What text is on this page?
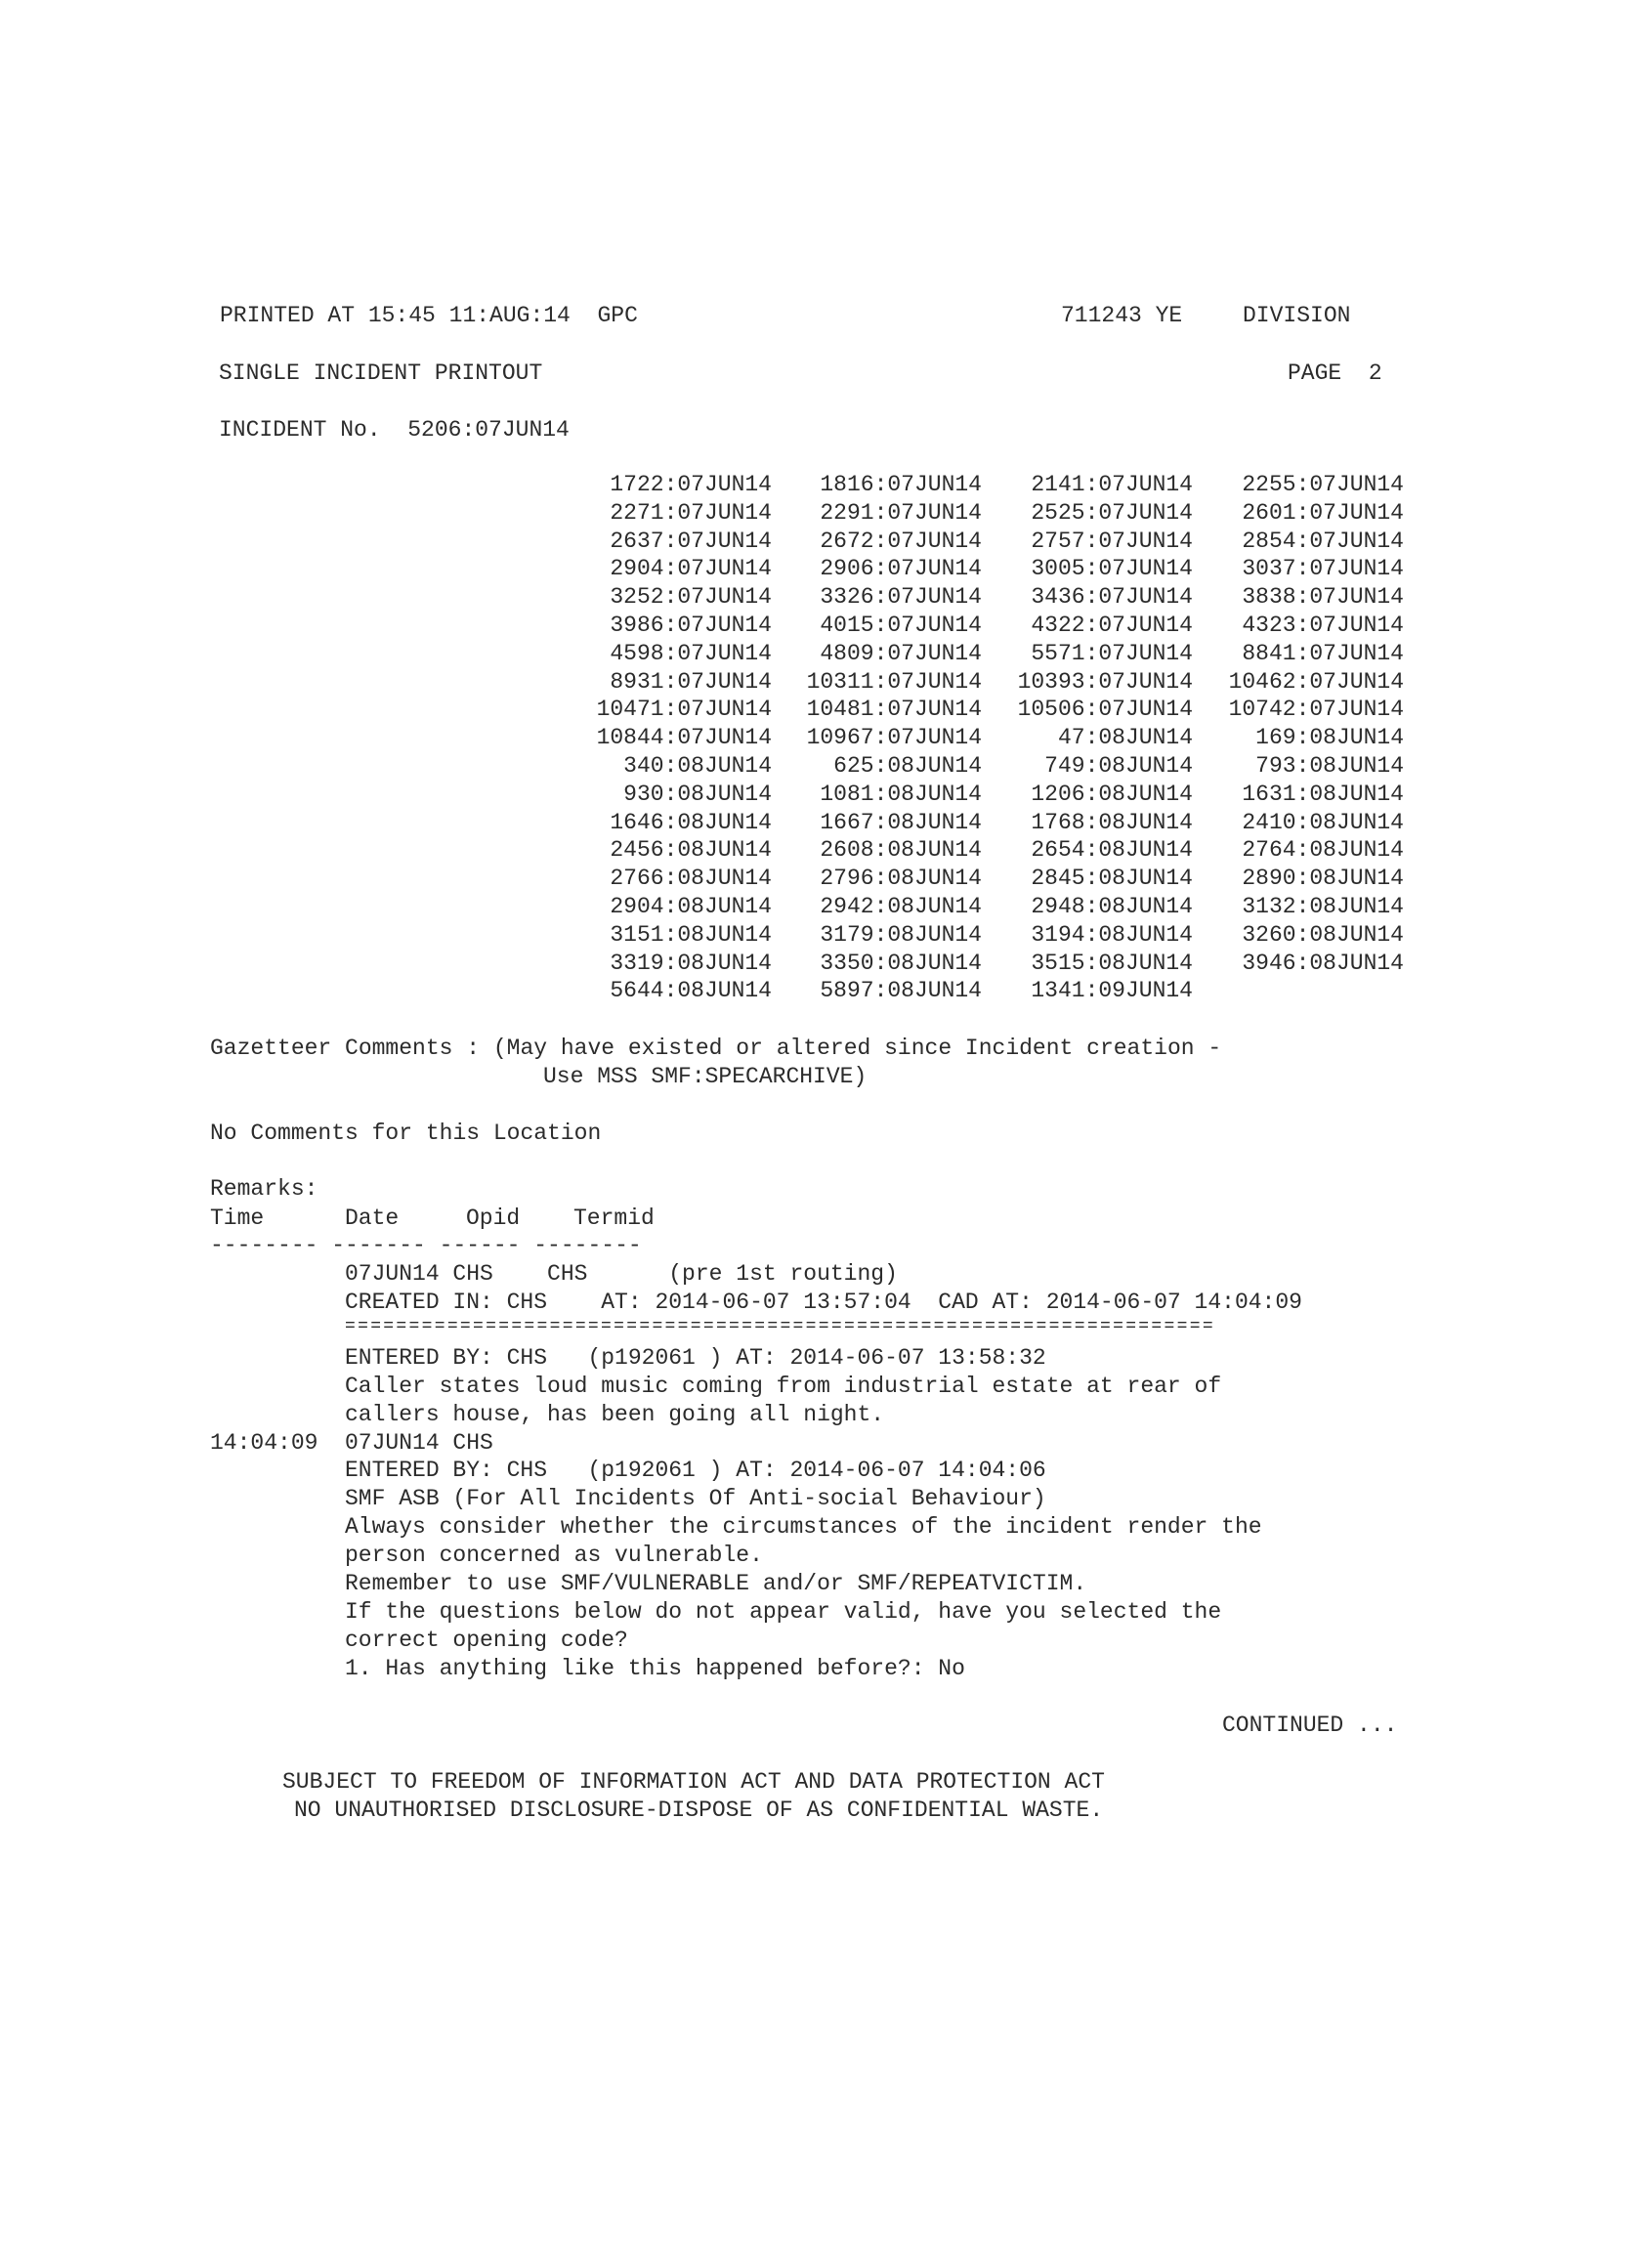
PRINTED AT 15:45 11:AUG:14  GPC	711243 YE	DIVISION
SINGLE INCIDENT PRINTOUT	PAGE  2
INCIDENT No.  5206:07JUN14
1722:07JUN14	1816:07JUN14	2141:07JUN14	2255:07JUN14
2271:07JUN14	2291:07JUN14	2525:07JUN14	2601:07JUN14
2637:07JUN14	2672:07JUN14	2757:07JUN14	2854:07JUN14
2904:07JUN14	2906:07JUN14	3005:07JUN14	3037:07JUN14
3252:07JUN14	3326:07JUN14	3436:07JUN14	3838:07JUN14
3986:07JUN14	4015:07JUN14	4322:07JUN14	4323:07JUN14
4598:07JUN14	4809:07JUN14	5571:07JUN14	8841:07JUN14
8931:07JUN14	10311:07JUN14	10393:07JUN14	10462:07JUN14
10471:07JUN14	10481:07JUN14	10506:07JUN14	10742:07JUN14
10844:07JUN14	10967:07JUN14	47:08JUN14	169:08JUN14
340:08JUN14	625:08JUN14	749:08JUN14	793:08JUN14
930:08JUN14	1081:08JUN14	1206:08JUN14	1631:08JUN14
1646:08JUN14	1667:08JUN14	1768:08JUN14	2410:08JUN14
2456:08JUN14	2608:08JUN14	2654:08JUN14	2764:08JUN14
2766:08JUN14	2796:08JUN14	2845:08JUN14	2890:08JUN14
2904:08JUN14	2942:08JUN14	2948:08JUN14	3132:08JUN14
3151:08JUN14	3179:08JUN14	3194:08JUN14	3260:08JUN14
3319:08JUN14	3350:08JUN14	3515:08JUN14	3946:08JUN14
5644:08JUN14	5897:08JUN14	1341:09JUN14
Gazetteer Comments : (May have existed or altered since Incident creation -
Use MSS SMF:SPECARCHIVE)
No Comments for this Location
Remarks:
Time	Date	Opid Termid
-------- ------- ------ --------
07JUN14 CHS    CHS      (pre 1st routing)
CREATED IN: CHS    AT: 2014-06-07 13:57:04  CAD AT: 2014-06-07 14:04:09
====================================================================
ENTERED BY: CHS   (p192061 ) AT: 2014-06-07 13:58:32
Caller states loud music coming from industrial estate at rear of
callers house, has been going all night.
14:04:09 07JUN14 CHS
ENTERED BY: CHS   (p192061 ) AT: 2014-06-07 14:04:06
SMF ASB (For All Incidents Of Anti-social Behaviour)
Always consider whether the circumstances of the incident render the
person concerned as vulnerable.
Remember to use SMF/VULNERABLE and/or SMF/REPEATVICTIM.
If the questions below do not appear valid, have you selected the
correct opening code?
1. Has anything like this happened before?: No
CONTINUED ...
SUBJECT TO FREEDOM OF INFORMATION ACT AND DATA PROTECTION ACT
NO UNAUTHORISED DISCLOSURE-DISPOSE OF AS CONFIDENTIAL WASTE.
